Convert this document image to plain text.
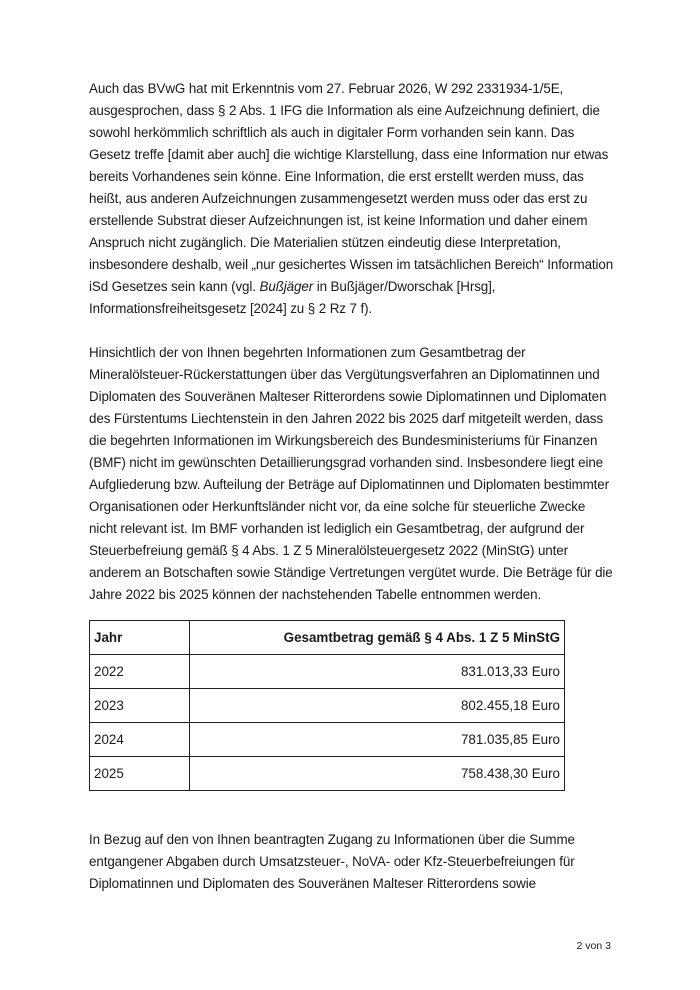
Auch das BVwG hat mit Erkenntnis vom 27. Februar 2026, W 292 2331934-1/5E, ausgesprochen, dass § 2 Abs. 1 IFG die Information als eine Aufzeichnung definiert, die sowohl herkömmlich schriftlich als auch in digitaler Form vorhanden sein kann. Das Gesetz treffe [damit aber auch] die wichtige Klarstellung, dass eine Information nur etwas bereits Vorhandenes sein könne. Eine Information, die erst erstellt werden muss, das heißt, aus anderen Aufzeichnungen zusammengesetzt werden muss oder das erst zu erstellende Substrat dieser Aufzeichnungen ist, ist keine Information und daher einem Anspruch nicht zugänglich. Die Materialien stützen eindeutig diese Interpretation, insbesondere deshalb, weil „nur gesichertes Wissen im tatsächlichen Bereich“ Information iSd Gesetzes sein kann (vgl. Bußjäger in Bußjäger/Dworschak [Hrsg], Informationsfreiheitsgesetz [2024] zu § 2 Rz 7 f).

Hinsichtlich der von Ihnen begehrten Informationen zum Gesamtbetrag der Mineralölsteuer-Rückerstattungen über das Vergütungsverfahren an Diplomatinnen und Diplomaten des Souveränen Malteser Ritterordens sowie Diplomatinnen und Diplomaten des Fürstentums Liechtenstein in den Jahren 2022 bis 2025 darf mitgeteilt werden, dass die begehrten Informationen im Wirkungsbereich des Bundesministeriums für Finanzen (BMF) nicht im gewünschten Detaillierungsgrad vorhanden sind. Insbesondere liegt eine Aufgliederung bzw. Aufteilung der Beträge auf Diplomatinnen und Diplomaten bestimmter Organisationen oder Herkunftsländer nicht vor, da eine solche für steuerliche Zwecke nicht relevant ist. Im BMF vorhanden ist lediglich ein Gesamtbetrag, der aufgrund der Steuerbefreiung gemäß § 4 Abs. 1 Z 5 Mineralölsteuergesetz 2022 (MinStG) unter anderem an Botschaften sowie Ständige Vertretungen vergütet wurde. Die Beträge für die Jahre 2022 bis 2025 können der nachstehenden Tabelle entnommen werden.

Jahr	Gesamtbetrag gemäß § 4 Abs. 1 Z 5 MinStG
2022	831.013,33 Euro
2023	802.455,18 Euro
2024	781.035,85 Euro
2025	758.438,30 Euro

In Bezug auf den von Ihnen beantragten Zugang zu Informationen über die Summe entgangener Abgaben durch Umsatzsteuer-, NoVA- oder Kfz-Steuerbefreiungen für Diplomatinnen und Diplomaten des Souveränen Malteser Ritterordens sowie

2 von 3
